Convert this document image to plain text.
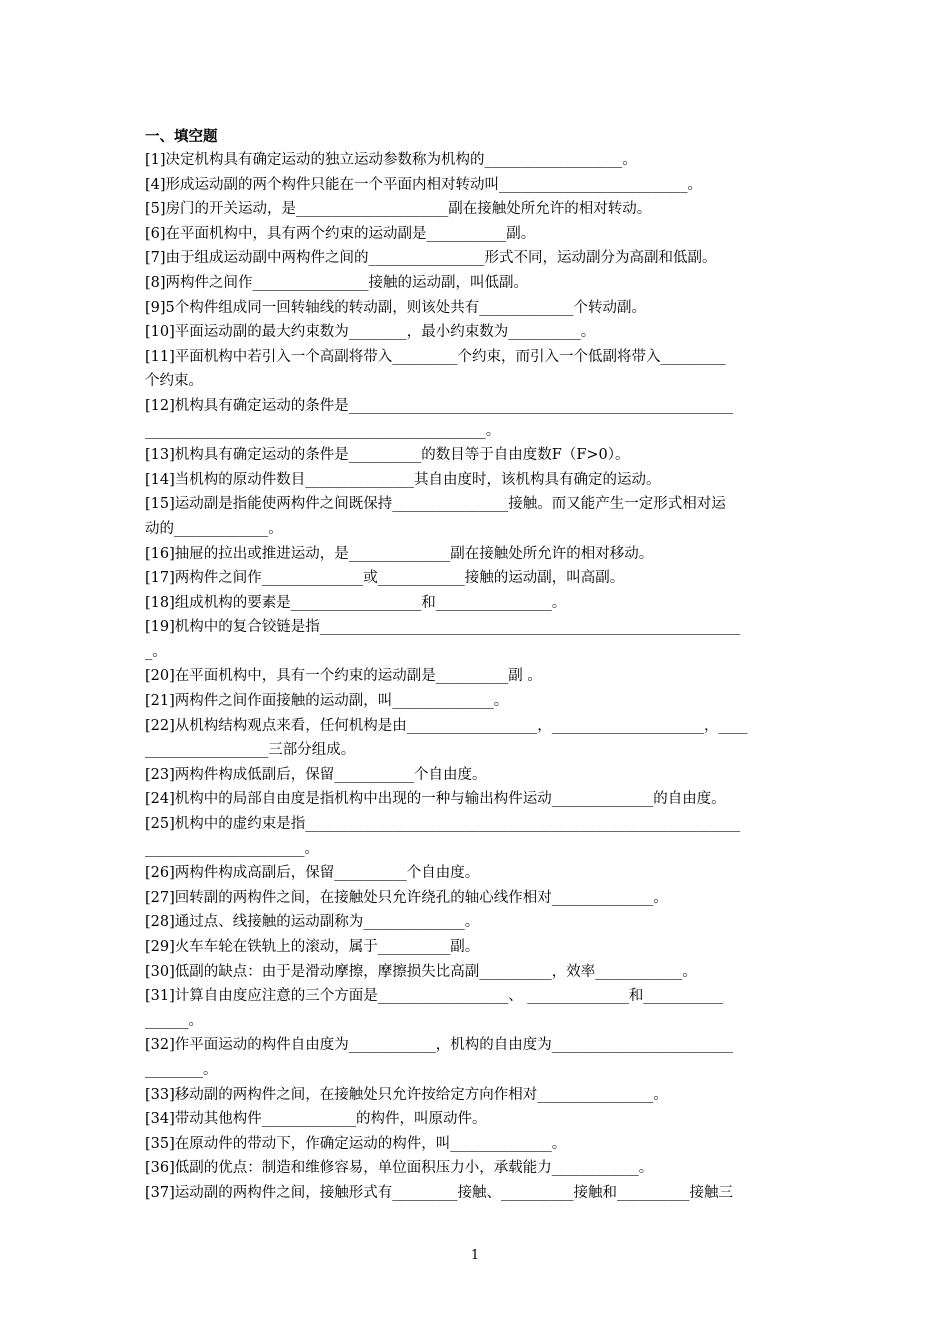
一、填空题
[1]决定机构具有确定运动的独立运动参数称为机构的___________________。
[4]形成运动副的两个构件只能在一个平面内相对转动叫__________________________。
[5]房门的开关运动，是_____________________副在接触处所允许的相对转动。
[6]在平面机构中，具有两个约束的运动副是___________副。
[7]由于组成运动副中两构件之间的________________形式不同，运动副分为高副和低副。
[8]两构件之间作________________接触的运动副，叫低副。
[9]5个构件组成同一回转轴线的转动副，则该处共有_____________个转动副。
[10]平面运动副的最大约束数为________，最小约束数为__________。
[11]平面机构中若引入一个高副将带入_________个约束，而引入一个低副将带入_________
个约束。
[12]机构具有确定运动的条件是_____________________________________________________
_______________________________________________。
[13]机构具有确定运动的条件是__________的数目等于自由度数F（F>0）。
[14]当机构的原动件数目_______________其自由度时，该机构具有确定的运动。
[15]运动副是指能使两构件之间既保持________________接触。而又能产生一定形式相对运
动的_____________。
[16]抽屉的拉出或推进运动，是______________副在接触处所允许的相对移动。
[17]两构件之间作______________或____________接触的运动副，叫高副。
[18]组成机构的要素是__________________和________________。
[19]机构中的复合铰链是指__________________________________________________________
_。
[20]在平面机构中，具有一个约束的运动副是__________副 。
[21]两构件之间作面接触的运动副，叫______________。
[22]从机构结构观点来看，任何机构是由__________________，_____________________，____
_________________三部分组成。
[23]两构件构成低副后，保留___________个自由度。
[24]机构中的局部自由度是指机构中出现的一种与输出构件运动______________的自由度。
[25]机构中的虚约束是指____________________________________________________________
______________________。
[26]两构件构成高副后，保留__________个自由度。
[27]回转副的两构件之间，在接触处只允许绕孔的轴心线作相对______________。
[28]通过点、线接触的运动副称为______________。
[29]火车车轮在铁轨上的滚动，属于__________副。
[30]低副的缺点：由于是滑动摩擦，摩擦损失比高副__________，效率____________。
[31]计算自由度应注意的三个方面是__________________、 ______________和___________
______。
[32]作平面运动的构件自由度为____________，机构的自由度为_________________________
________。
[33]移动副的两构件之间，在接触处只允许按给定方向作相对________________。
[34]带动其他构件_____________的构件，叫原动件。
[35]在原动件的带动下，作确定运动的构件，叫______________。
[36]低副的优点：制造和维修容易，单位面积压力小，承载能力____________。
[37]运动副的两构件之间，接触形式有_________接触、__________接触和__________接触三
1
